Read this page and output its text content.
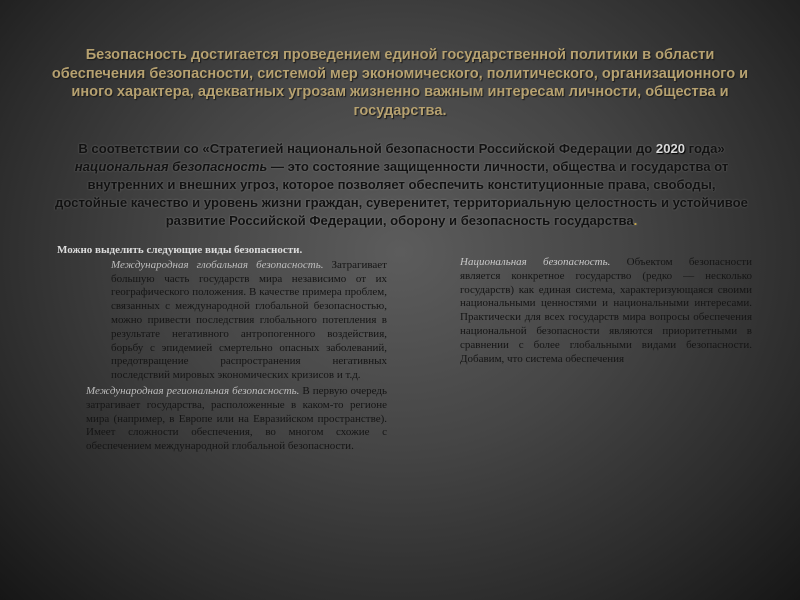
Безопасность достигается проведением единой государственной политики в области обеспечения безопасности, системой мер экономического, политического, организационного и иного характера, адекватных угрозам жизненно важным интересам личности, общества и государства.
В соответствии со «Стратегией национальной безопасности Российской Федерации до 2020 года» национальная безопасность — это состояние защищенности личности, общества и государства от внутренних и внешних угроз, которое позволяет обеспечить конституционные права, свободы, достойные качество и уровень жизни граждан, суверенитет, территориальную целостность и устойчивое развитие Российской Федерации, оборону и безопасность государства.
Можно выделить следующие виды безопасности.
Международная глобальная безопасность. Затрагивает большую часть государств мира независимо от их географического положения. В качестве примера проблем, связанных с международной глобальной безопасностью, можно привести последствия глобального потепления в результате негативного антропогенного воздействия, борьбу с эпидемией смертельно опасных заболеваний, предотвращение распространения негативных последствий мировых экономических кризисов и т.д.
Международная региональная безопасность. В первую очередь затрагивает государства, расположенные в каком-то регионе мира (например, в Европе или на Евразийском пространстве). Имеет сложности обеспечения, во многом схожие с обеспечением международной глобальной безопасности.
Национальная безопасность. Объектом безопасности является конкретное государство (редко — несколько государств) как единая система, характеризующаяся своими национальными ценностями и национальными интересами. Практически для всех государств мира вопросы обеспечения национальной безопасности являются приоритетными в сравнении с более глобальными видами безопасности. Добавим, что система обеспечения
